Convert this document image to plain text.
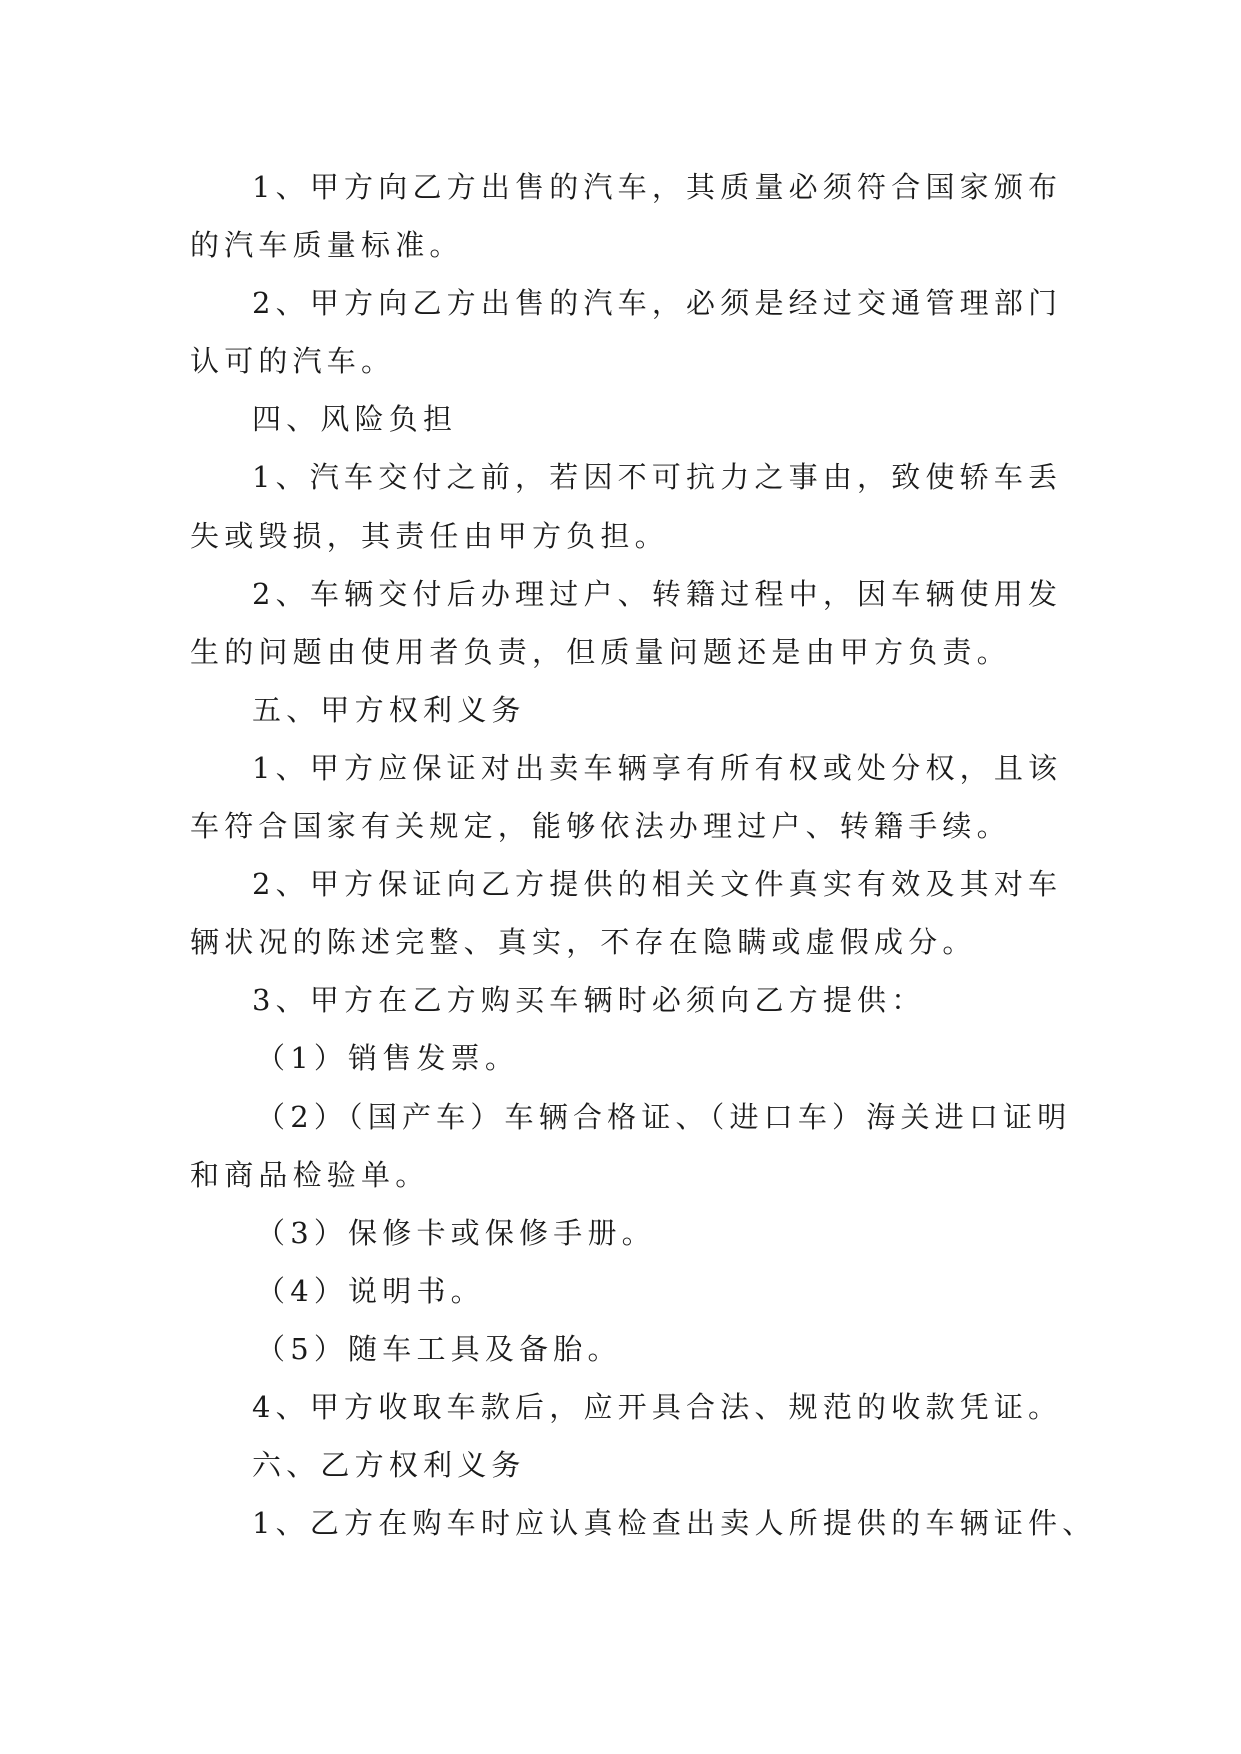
1、甲方向乙方出售的汽车，其质量必须符合国家颁布
的汽车质量标准。
2、甲方向乙方出售的汽车，必须是经过交通管理部门
认可的汽车。
四、风险负担
1、汽车交付之前，若因不可抗力之事由，致使轿车丢
失或毁损，其责任由甲方负担。
2、车辆交付后办理过户、转籍过程中，因车辆使用发
生的问题由使用者负责，但质量问题还是由甲方负责。
五、甲方权利义务
1、甲方应保证对出卖车辆享有所有权或处分权，且该
车符合国家有关规定，能够依法办理过户、转籍手续。
2、甲方保证向乙方提供的相关文件真实有效及其对车
辆状况的陈述完整、真实，不存在隐瞒或虚假成分。
3、甲方在乙方购买车辆时必须向乙方提供：
（1）销售发票。
（2）（国产车）车辆合格证、（进口车）海关进口证明
和商品检验单。
（3）保修卡或保修手册。
（4）说明书。
（5）随车工具及备胎。
4、甲方收取车款后，应开具合法、规范的收款凭证。
六、乙方权利义务
1、乙方在购车时应认真检查出卖人所提供的车辆证件、
